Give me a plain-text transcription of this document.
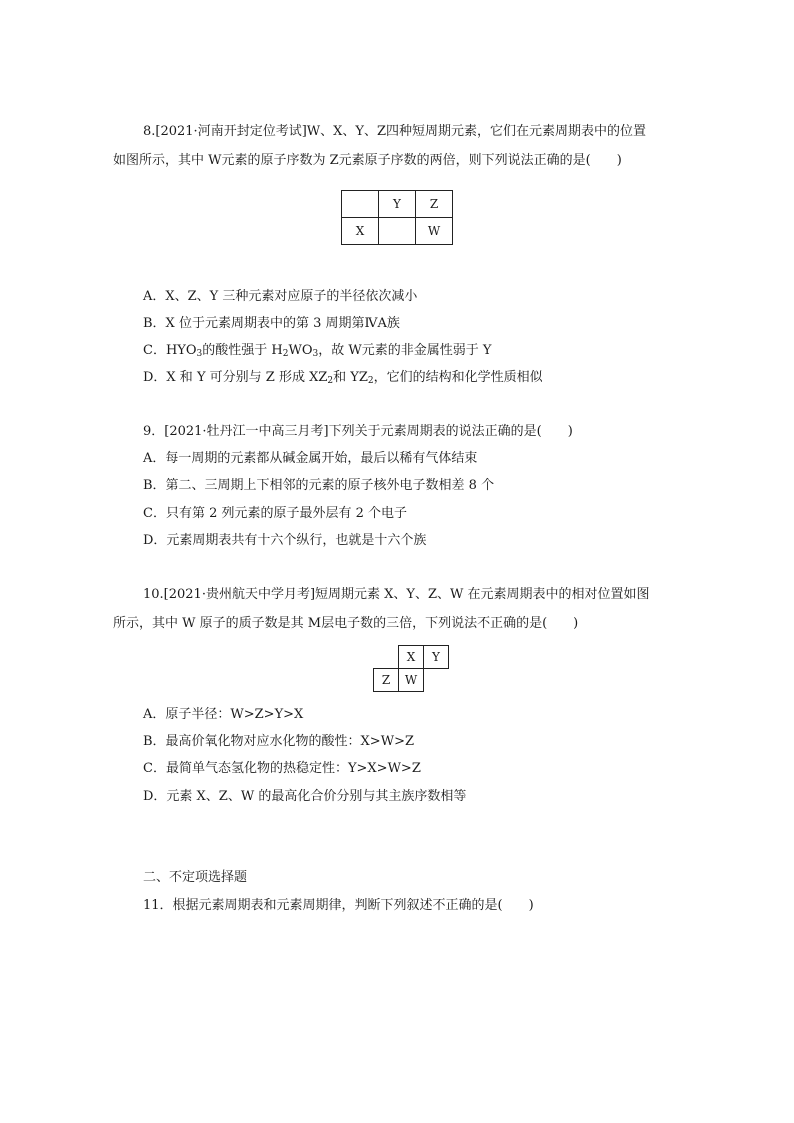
8.[2021·河南开封定位考试]W、X、Y、Z四种短周期元素，它们在元素周期表中的位置
如图所示，其中 W元素的原子序数为 Z元素原子序数的两倍，则下列说法正确的是(　　)
	Y	Z
X		W
A．X、Z、Y 三种元素对应原子的半径依次减小
B．X 位于元素周期表中的第 3 周期第ⅣA族
C．$HYO_3$的酸性强于 $H_2WO_3$，故 W元素的非金属性弱于 Y
D．X 和 Y 可分别与 Z 形成 $XZ_2$和 $YZ_2$，它们的结构和化学性质相似
9．[2021·牡丹江一中高三月考]下列关于元素周期表的说法正确的是(　　)
A．每一周期的元素都从碱金属开始，最后以稀有气体结束
B．第二、三周期上下相邻的元素的原子核外电子数相差 8 个
C．只有第 2 列元素的原子最外层有 2 个电子
D．元素周期表共有十六个纵行，也就是十六个族
10.[2021·贵州航天中学月考]短周期元素 X、Y、Z、W 在元素周期表中的相对位置如图
所示，其中 W 原子的质子数是其 M层电子数的三倍，下列说法不正确的是(　　)
	X	Y
Z	W	
A．原子半径：W>Z>Y>X
B．最高价氧化物对应水化物的酸性：X>W>Z
C．最简单气态氢化物的热稳定性：Y>X>W>Z
D．元素 X、Z、W 的最高化合价分别与其主族序数相等
二、不定项选择题
11．根据元素周期表和元素周期律，判断下列叙述不正确的是(　　)
